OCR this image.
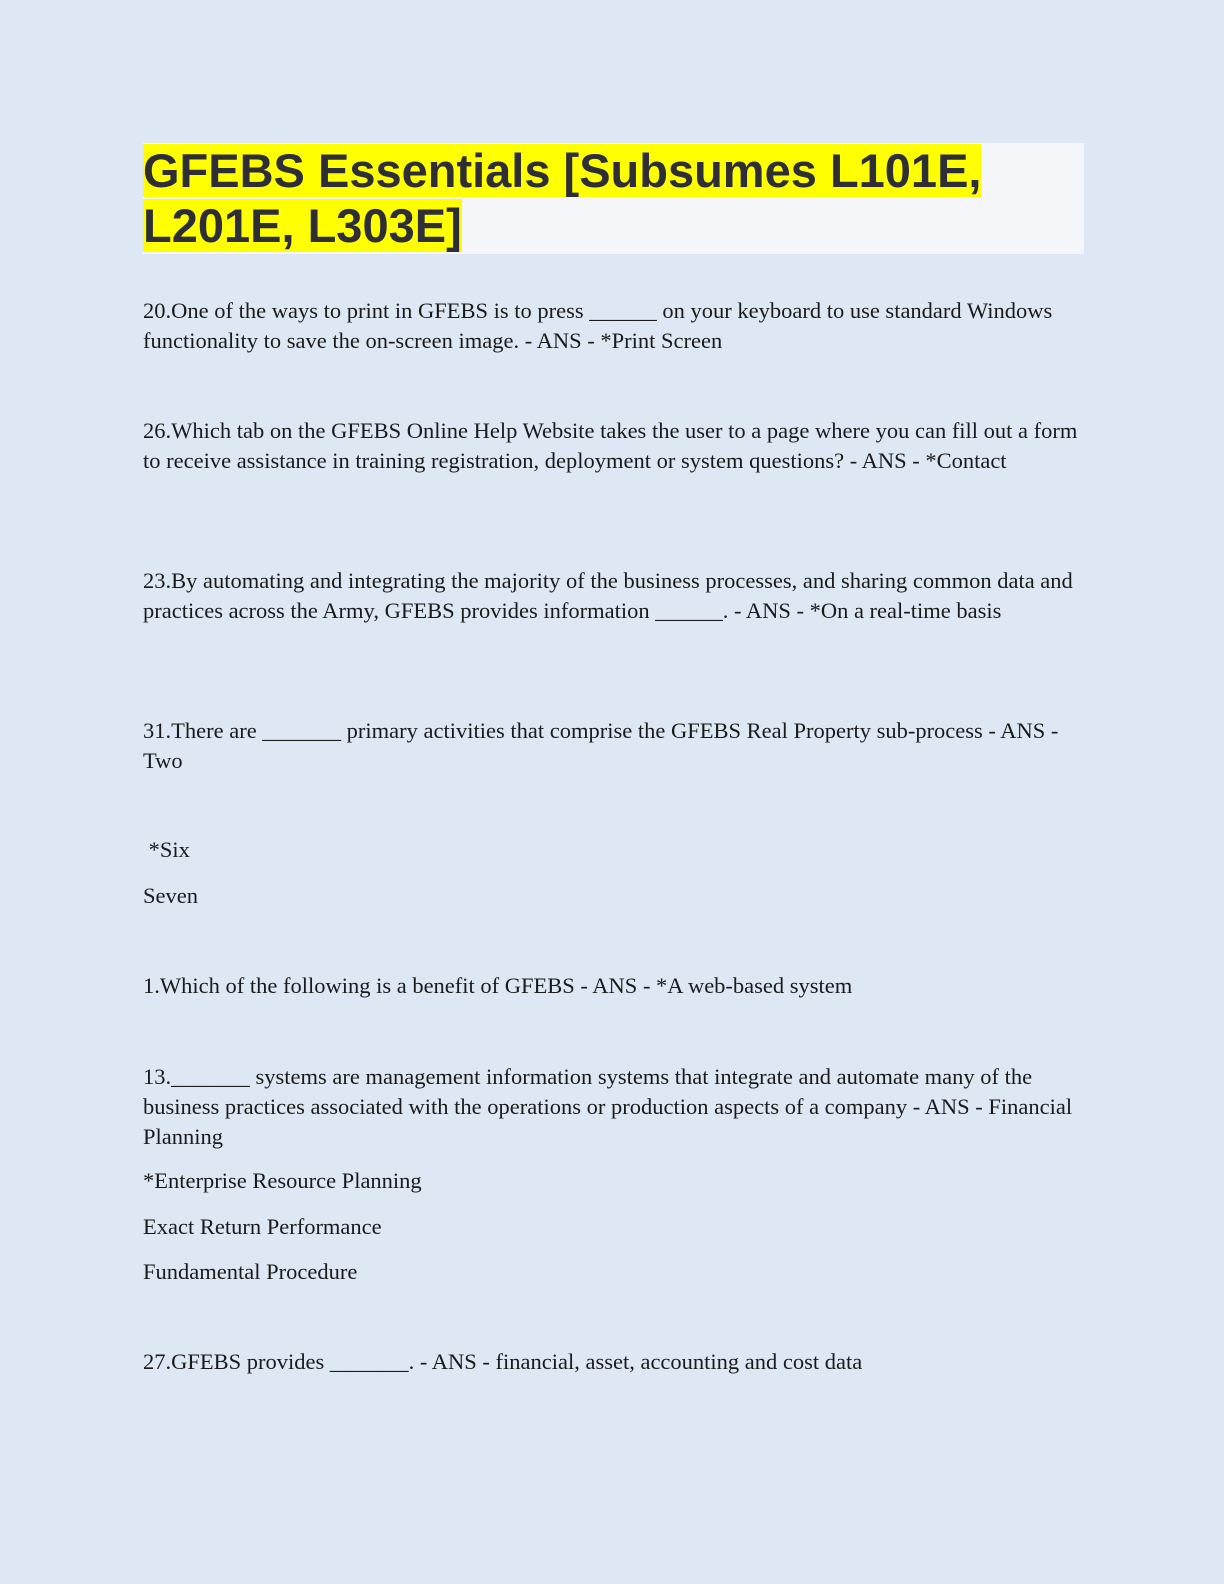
GFEBS Essentials [Subsumes L101E, L201E, L303E]

20.One of the ways to print in GFEBS is to press ______ on your keyboard to use standard Windows functionality to save the on-screen image. - ANS - *Print Screen

26.Which tab on the GFEBS Online Help Website takes the user to a page where you can fill out a form to receive assistance in training registration, deployment or system questions? - ANS - *Contact

23.By automating and integrating the majority of the business processes, and sharing common data and practices across the Army, GFEBS provides information ______. - ANS - *On a real-time basis

31.There are _______ primary activities that comprise the GFEBS Real Property sub-process - ANS - Two

*Six

Seven

1.Which of the following is a benefit of GFEBS - ANS - *A web-based system

13._______ systems are management information systems that integrate and automate many of the business practices associated with the operations or production aspects of a company - ANS - Financial Planning

*Enterprise Resource Planning

Exact Return Performance

Fundamental Procedure

27.GFEBS provides _______. - ANS - financial, asset, accounting and cost data
